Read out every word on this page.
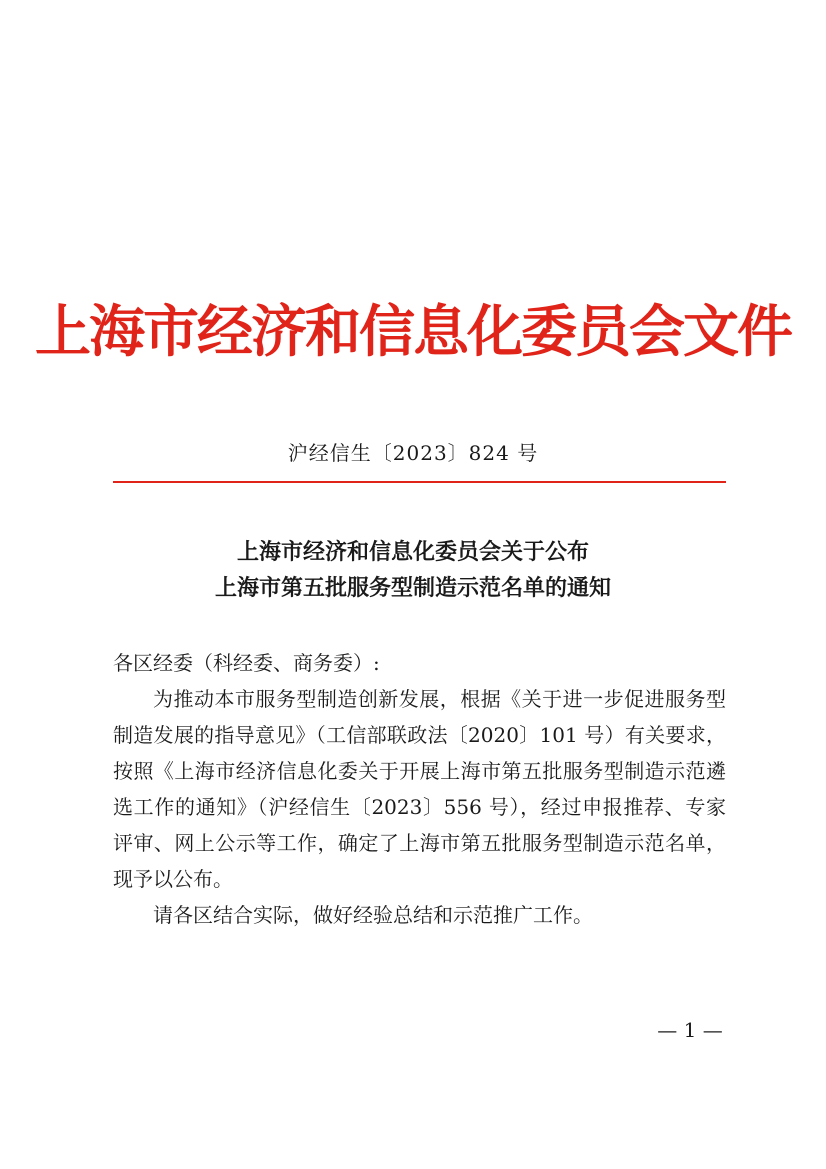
上海市经济和信息化委员会文件
沪经信生〔2023〕824 号
上海市经济和信息化委员会关于公布
上海市第五批服务型制造示范名单的通知
各区经委（科经委、商务委）:

为推动本市服务型制造创新发展，根据《关于进一步促进服务型制造发展的指导意见》（工信部联政法〔2020〕101 号）有关要求，按照《上海市经济信息化委关于开展上海市第五批服务型制造示范遴选工作的通知》（沪经信生〔2023〕556 号），经过申报推荐、专家评审、网上公示等工作，确定了上海市第五批服务型制造示范名单，现予以公布。

请各区结合实际，做好经验总结和示范推广工作。

— 1 —
